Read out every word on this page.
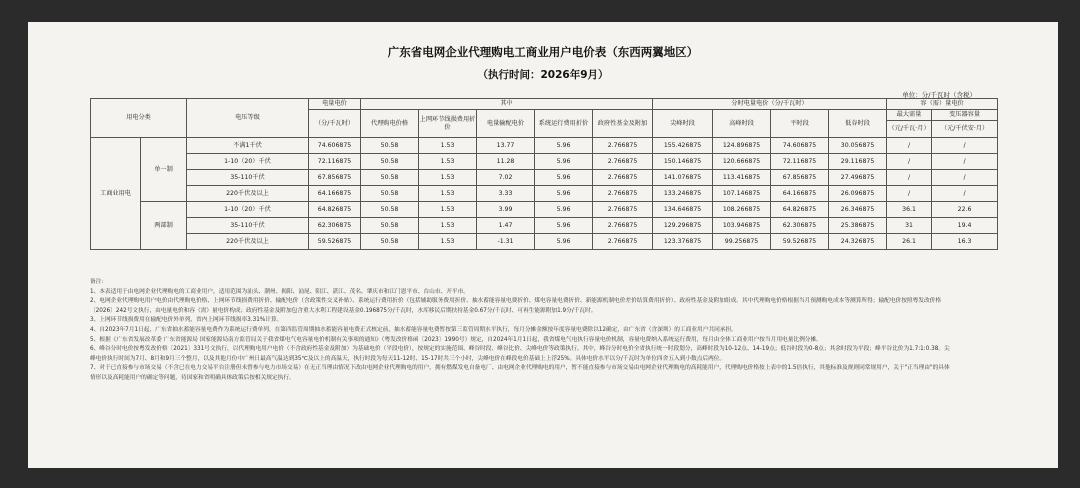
广东省电网企业代理购电工商业用户电价表（东西两翼地区）
（执行时间：2026年9月）
单位：分/千瓦时（含税）
用电分类		电压等级	电量电价	其中					分时电量电价（分/千瓦时）				容（需）量电价	
			（分/千瓦时）	代理购电价格	上网环节线损费用折价	电量输配电价	系统运行费用折价	政府性基金及附加	尖峰时段	高峰时段	平时段	低谷时段	最大需量	变压器容量
													（元/千瓦·月）	（元/千伏安·月）
工商业用电	单一制	不满1千伏	74.606875	50.58	1.53	13.77	5.96	2.766875	155.426875	124.896875	74.606875	30.056875	/	/
		1-10（20）千伏	72.116875	50.58	1.53	11.28	5.96	2.766875	150.146875	120.666875	72.116875	29.116875	/	/
		35-110千伏	67.856875	50.58	1.53	7.02	5.96	2.766875	141.076875	113.416875	67.856875	27.496875	/	/
		220千伏及以上	64.166875	50.58	1.53	3.33	5.96	2.766875	133.246875	107.146875	64.166875	26.096875	/	/
	两部制	1-10（20）千伏	64.826875	50.58	1.53	3.99	5.96	2.766875	134.646875	108.266875	64.826875	26.346875	36.1	22.6
		35-110千伏	62.306875	50.58	1.53	1.47	5.96	2.766875	129.296875	103.946875	62.306875	25.386875	31	19.4
		220千伏及以上	59.526875	50.58	1.53	-1.31	5.96	2.766875	123.376875	99.256875	59.526875	24.326875	26.1	16.3

备注：

1、本表适用于由电网企业代理购电的工商业用户，适用范围为汕头、潮州、揭阳、汕尾、阳江、湛江、茂名、肇庆市和江门恩平市、台山市、开平市。

2、电网企业代理购电用户电价由代理购电价格、上网环节线损费用折价、输配电价（含政策性交叉补贴）、系统运行费用折价（包括辅助服务费用折价、抽水蓄能容量电费折价、煤电容量电费折价、新能源机制电价差价结算费用折价）、政府性基金及附加组成。其中代理购电价格根据当月预测购电成本等测算所得；输配电价按照粤发改价格〔2026〕242号文执行，由电量电价和容（需）量电价构成；政府性基金及附加包含重大水利工程建设基金0.196875分/千瓦时，水库移民后期扶持基金0.67分/千瓦时、可再生能源附加1.9分/千瓦时。

3、上网环节线损费用在输配电价外单列，省内上网环节线损率3.31%计算。

4、自2023年7月1日起，广东省抽水蓄能容量电费作为系统运行费单列。在第四监管周期抽水蓄能容量电费正式核定前，抽水蓄能容量电费暂按第三监管周期水平执行，每月分摊金额按年度容量电费除以12确定，由广东省（含深圳）的工商业用户共同承担。

5、根据《广东省发展改革委 广东省能源局 国家能源局南方监管局关于我省煤电气电容量电价机制有关事项的通知》（粤发改价格函〔2023〕1990号）规定，自2024年1月1日起，我省煤电气电执行容量电价机制，容量电费纳入系统运行费用，每月由全体工商业用户按当月用电量比例分摊。

6、峰谷分时电价按粤发改价格〔2021〕331号文执行，以代理购电用户电价（不含政府性基金及附加）为基础电价（平段电价），按规定的实施范围、峰谷时段、峰谷比价、尖峰电价等政策执行。其中，峰谷分时电价全省执行统一时段划分，高峰时段为10-12点、14-19点；低谷时段为0-8点；其余时段为平段；峰平谷比价为1.7:1:0.38。尖峰电价执行时间为7月、8月和9月三个整月，以及其他月份中广州日最高气温达到35℃及以上的高温天，执行时段为每天11-12时、15-17时共三个小时，尖峰电价在峰段电价基础上上浮25%。具体电价水平以分/千瓦时为单位四舍五入到小数点后两位。

7、对于已直接参与市场交易（不含已在电力交易平台注册但未曾参与电力市场交易）在无正当理由情况下改由电网企业代理购电的用户，拥有燃煤发电自备电厂、由电网企业代理购电的用户，暂不能直接参与市场交易由电网企业代理购电的高耗能用户，代理购电价格按上表中的1.5倍执行，其他标准及规则同常规用户，关于"正当理由"的具体情形以及高耗能用户的确定等问题，待国家和省明确具体政策后按相关规定执行。
